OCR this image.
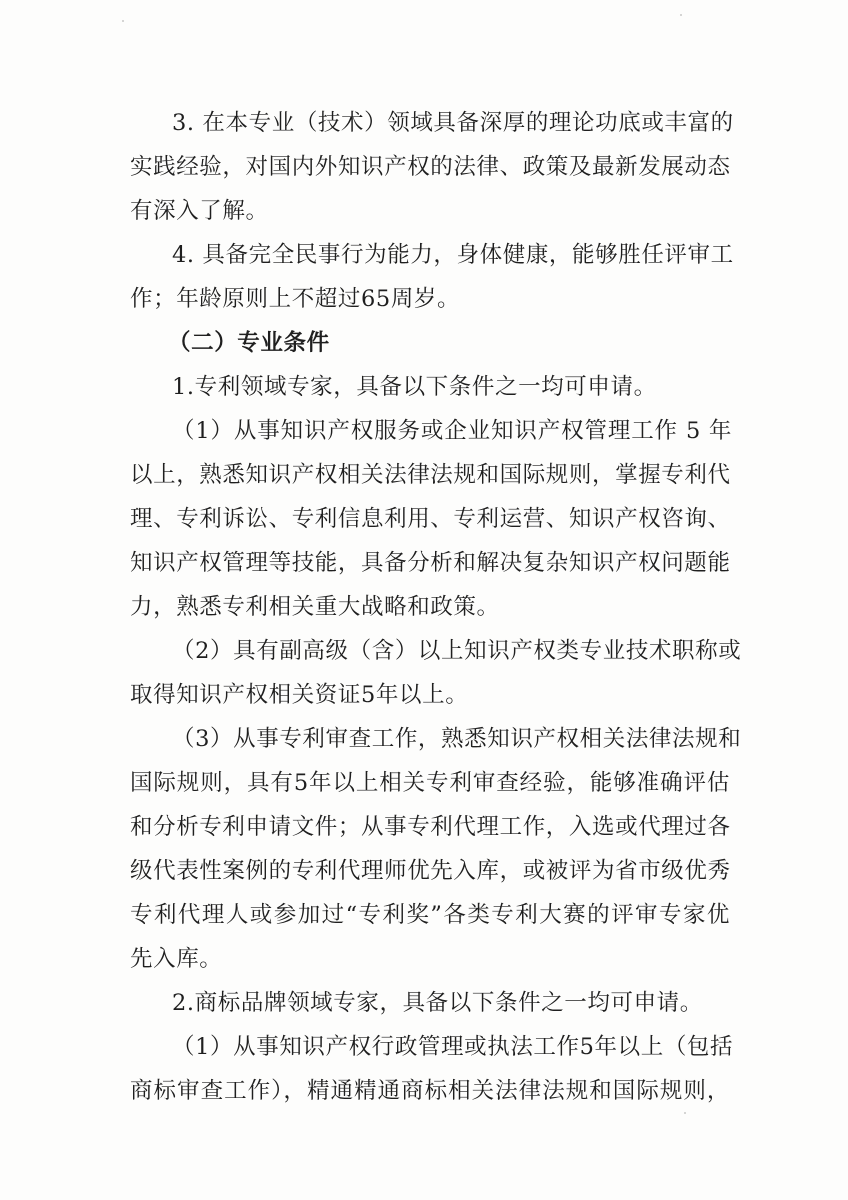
3. 在本专业（技术）领域具备深厚的理论功底或丰富的
实践经验，对国内外知识产权的法律、政策及最新发展动态
有深入了解。
4. 具备完全民事行为能力，身体健康，能够胜任评审工
作；年龄原则上不超过65周岁。
（二）专业条件
1.专利领域专家，具备以下条件之一均可申请。
（1）从事知识产权服务或企业知识产权管理工作 5 年
以上，熟悉知识产权相关法律法规和国际规则，掌握专利代
理、专利诉讼、专利信息利用、专利运营、知识产权咨询、
知识产权管理等技能，具备分析和解决复杂知识产权问题能
力，熟悉专利相关重大战略和政策。
（2）具有副高级（含）以上知识产权类专业技术职称或
取得知识产权相关资证5年以上。
（3）从事专利审查工作，熟悉知识产权相关法律法规和
国际规则，具有5年以上相关专利审查经验，能够准确评估
和分析专利申请文件；从事专利代理工作，入选或代理过各
级代表性案例的专利代理师优先入库，或被评为省市级优秀
专利代理人或参加过“专利奖”各类专利大赛的评审专家优
先入库。
2.商标品牌领域专家，具备以下条件之一均可申请。
（1）从事知识产权行政管理或执法工作5年以上（包括
商标审查工作），精通精通商标相关法律法规和国际规则，
